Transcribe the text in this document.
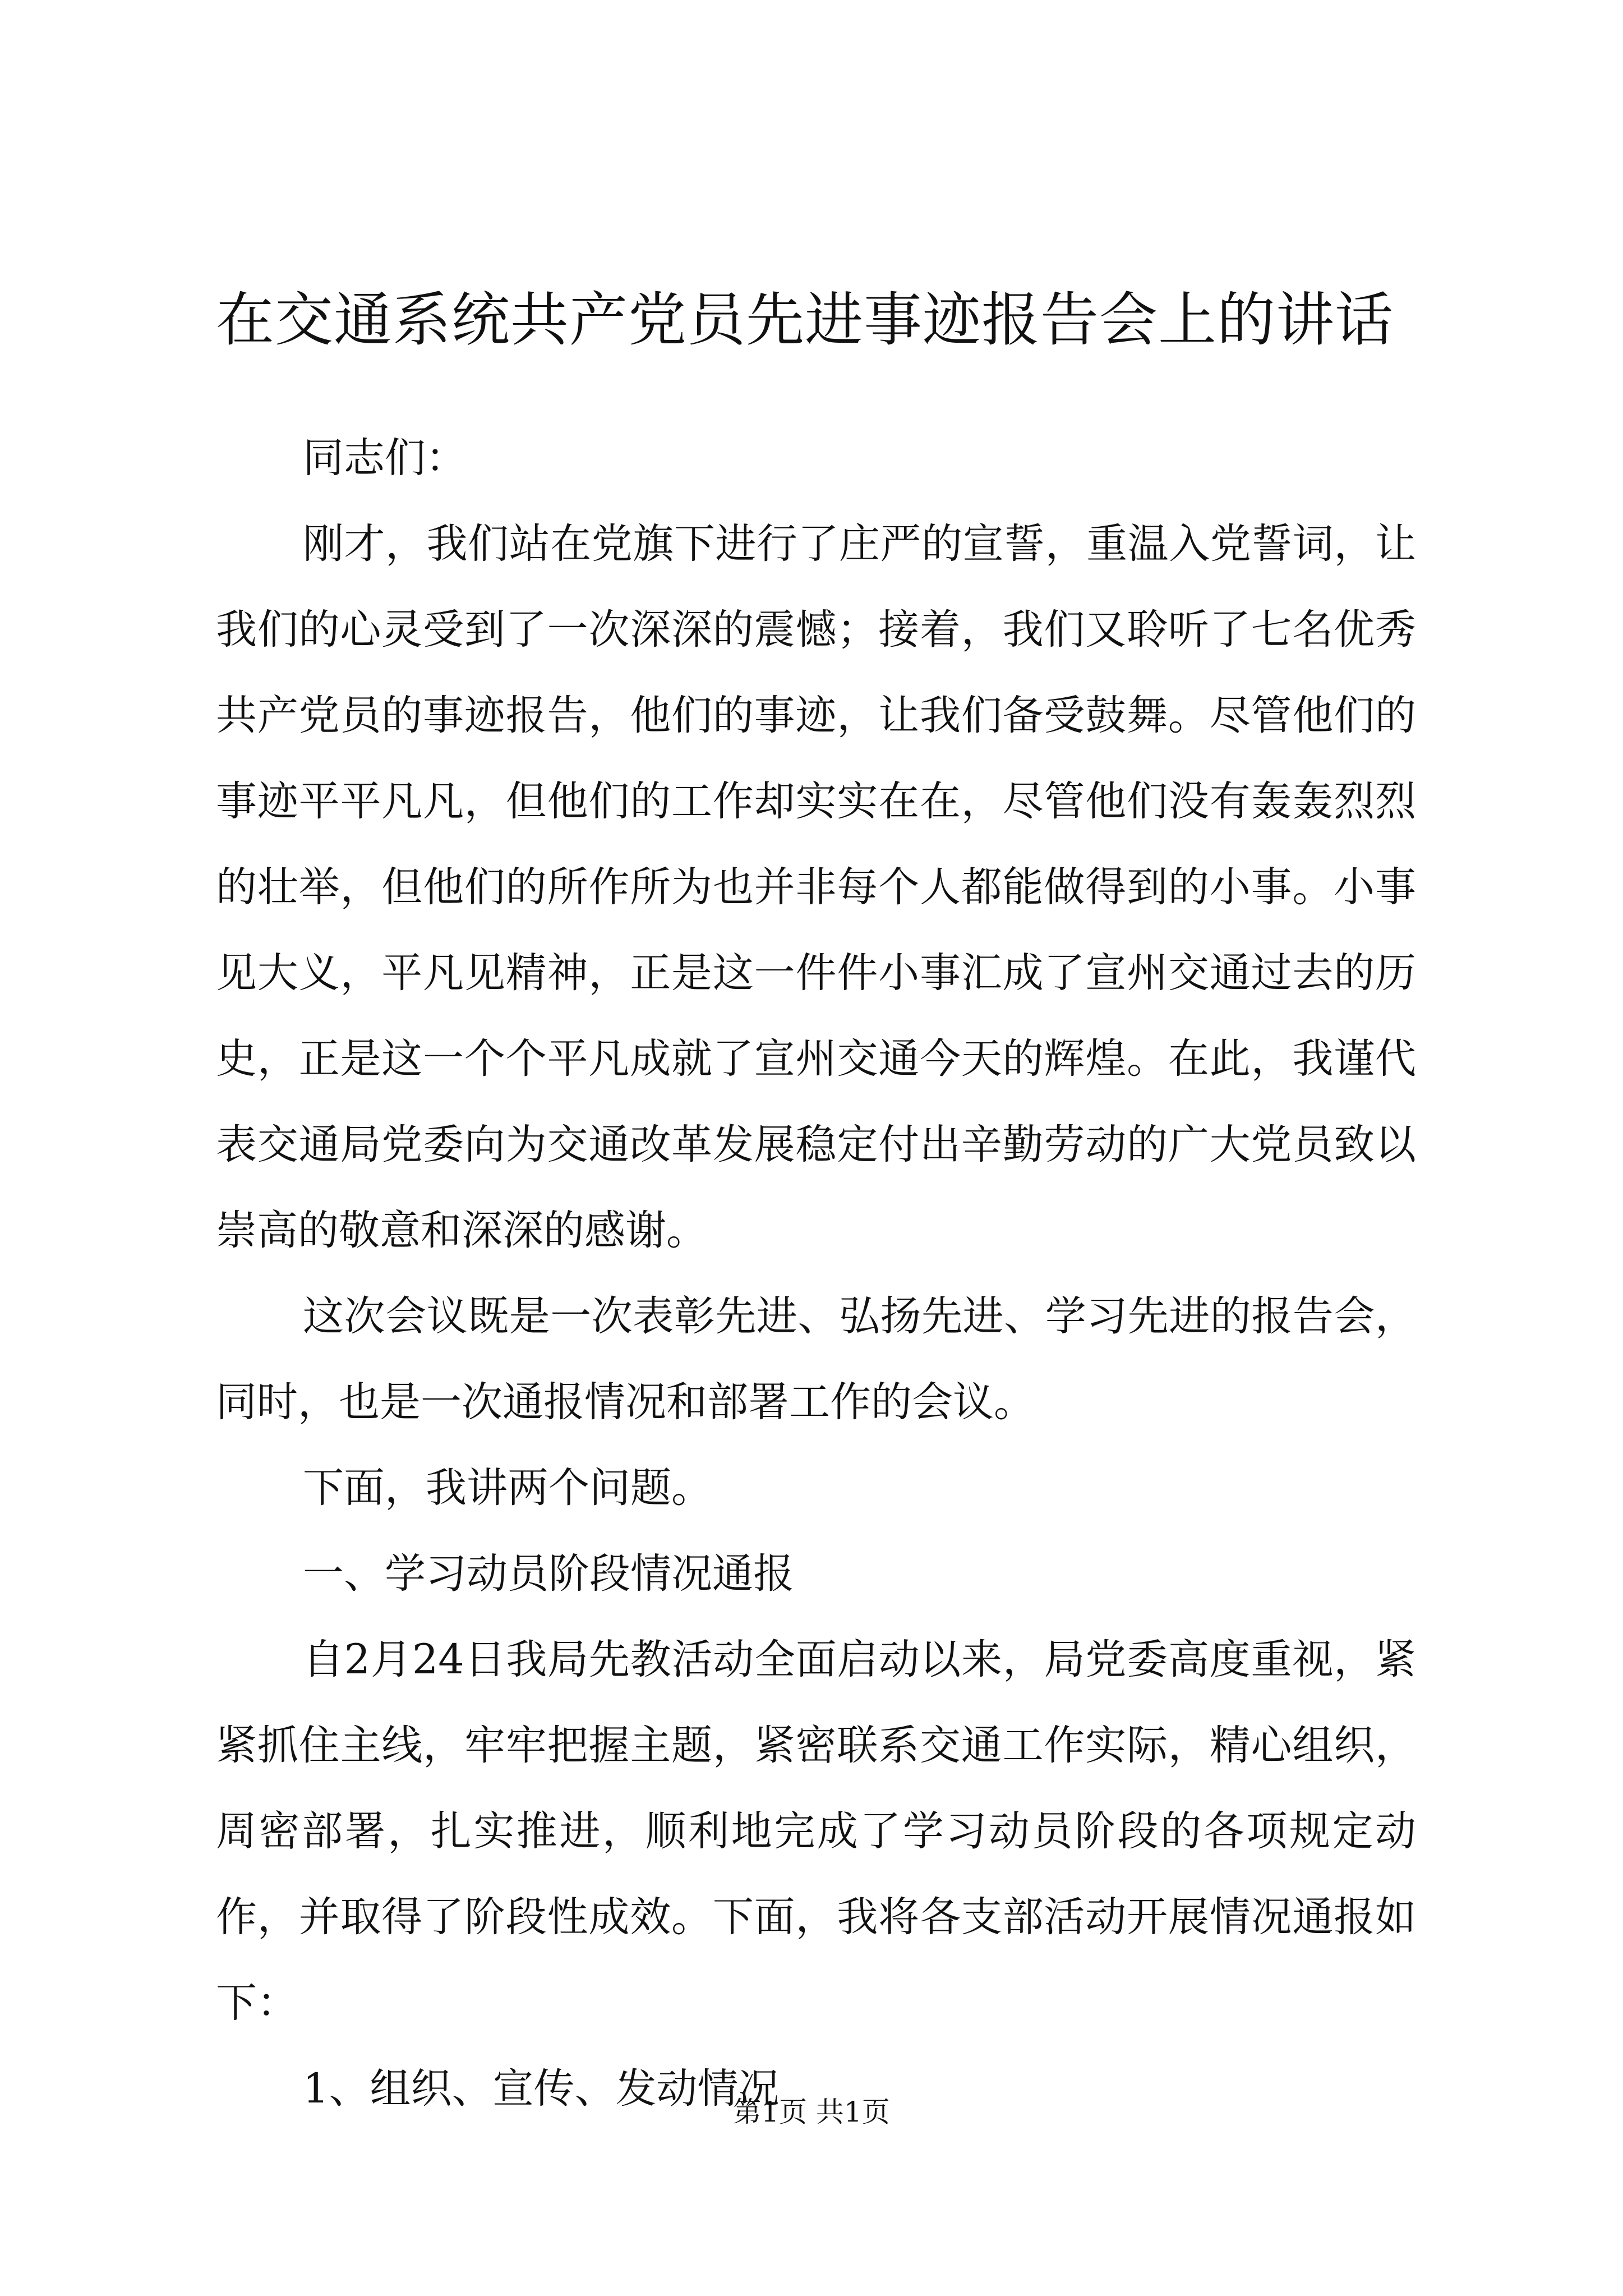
在交通系统共产党员先进事迹报告会上的讲话

同志们：

刚才，我们站在党旗下进行了庄严的宣誓，重温入党誓词，让我们的心灵受到了一次深深的震憾；接着，我们又聆听了七名优秀共产党员的事迹报告，他们的事迹，让我们备受鼓舞。尽管他们的事迹平平凡凡，但他们的工作却实实在在，尽管他们没有轰轰烈烈的壮举，但他们的所作所为也并非每个人都能做得到的小事。小事见大义，平凡见精神，正是这一件件小事汇成了宣州交通过去的历史，正是这一个个平凡成就了宣州交通今天的辉煌。在此，我谨代表交通局党委向为交通改革发展稳定付出辛勤劳动的广大党员致以崇高的敬意和深深的感谢。

这次会议既是一次表彰先进、弘扬先进、学习先进的报告会，同时，也是一次通报情况和部署工作的会议。

下面，我讲两个问题。

一、学习动员阶段情况通报

自2月24日我局先教活动全面启动以来，局党委高度重视，紧紧抓住主线，牢牢把握主题，紧密联系交通工作实际，精心组织，周密部署，扎实推进，顺利地完成了学习动员阶段的各项规定动作，并取得了阶段性成效。下面，我将各支部活动开展情况通报如下：

1、组织、宣传、发动情况

第1页 共1页
